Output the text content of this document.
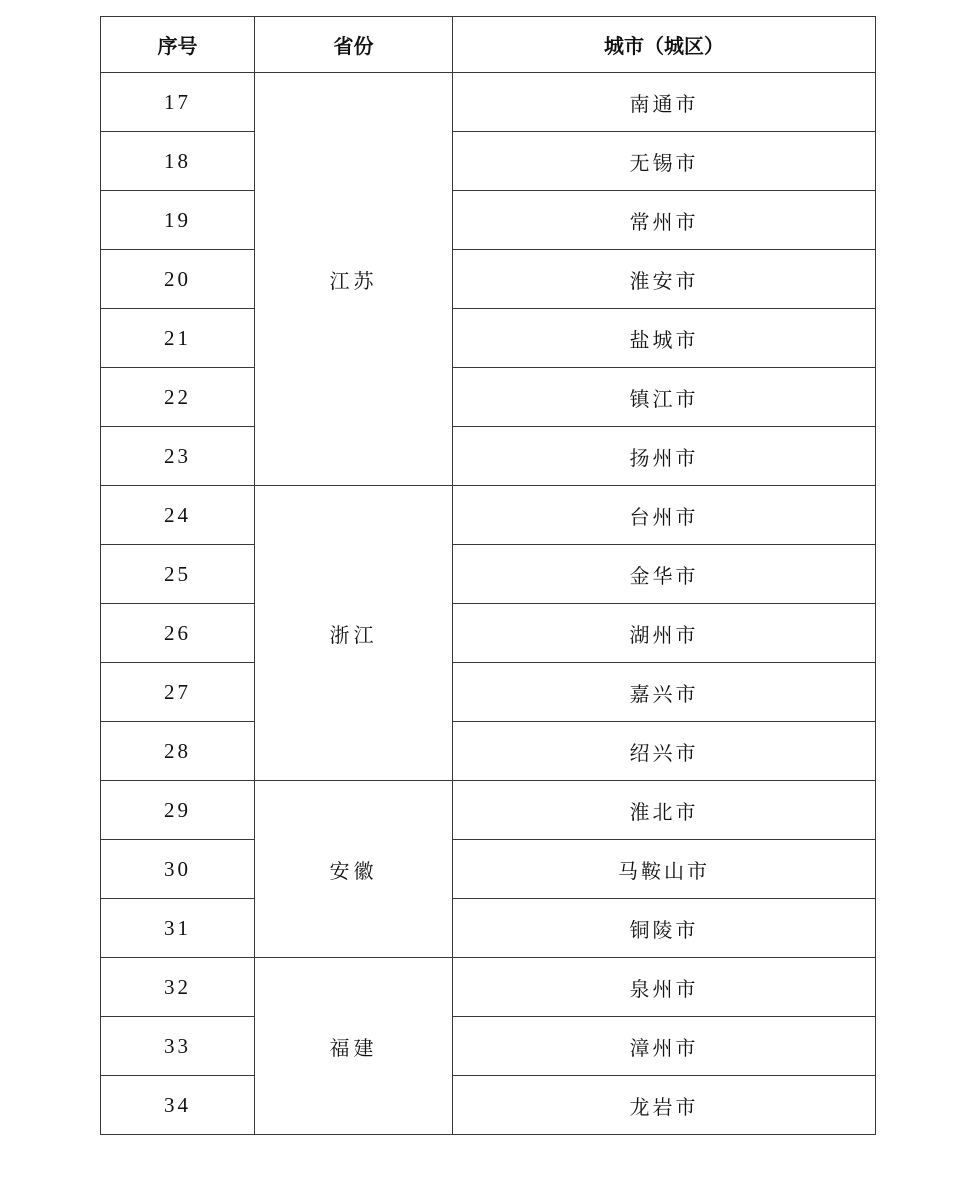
序号	省份	城市（城区）
17	江苏	南通市
18		无锡市
19		常州市
20		淮安市
21		盐城市
22		镇江市
23		扬州市
24	浙江	台州市
25		金华市
26		湖州市
27		嘉兴市
28		绍兴市
29	安徽	淮北市
30		马鞍山市
31		铜陵市
32	福建	泉州市
33		漳州市
34		龙岩市
